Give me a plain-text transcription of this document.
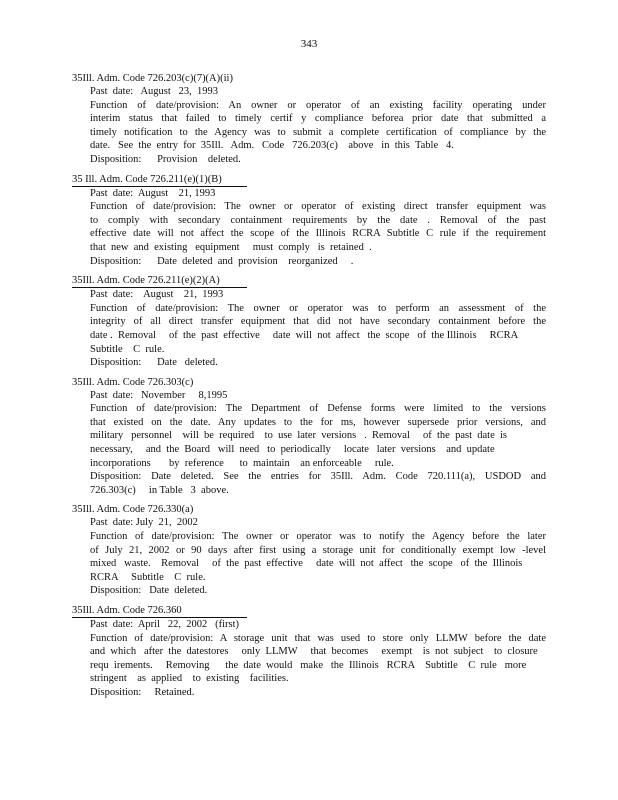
343
35Ill. Adm. Code 726.203(c)(7)(A)(ii)
Past  date:   August   23,  1993
Function of date/provision: An owner or operator of an existing facility operating under
interim status that failed to timely certif y compliance beforea prior date that submitted a
timely notification to the Agency was to submit a complete certification of compliance by the
date.   See  the  entry  for  35Ill.   Adm.   Code   726.203(c)    above   in  this  Table   4.
Disposition:      Provision    deleted.
35 Ill. Adm. Code 726.211(e)(1)(B)
Past  date:  August    21, 1993
Function of date/provision: The owner or operator of existing direct transfer equipment was
to comply with secondary containment requirements by the date . Removal of the past
effective date will not affect the scope of the Illinois RCRA Subtitle C rule if the requirement
that  new  and  existing   equipment     must  comply   is  retained  .
Disposition:      Date  deleted  and  provision    reorganized     .
35Ill. Adm. Code 726.211(e)(2)(A)
Past  date:    August    21,  1993
Function of date/provision: The owner or operator was to perform an assessment of the
integrity of all direct transfer equipment that did not have secondary containment before the
date .  Removal     of  the  past  effective     date  will  not  affect   the  scope   of  the Illinois     RCRA
Subtitle    C  rule.
Disposition:      Date   deleted.
35Ill. Adm. Code 726.303(c)
Past  date:   November     8,1995
Function of date/provision: The Department of Defense forms were limited to the versions
that existed on the date. Any updates to the for ms, however supersede prior versions, and
military   personnel    will  be  required    to  use  later  versions   .  Removal     of  the  past  date  is
necessary,     and  the  Board   will  need   to  periodically     locate   later  versions    and  update
incorporations       by  reference      to  maintain    an enforceable     rule.
Disposition: Date deleted. See the entries for 35Ill. Adm. Code 720.111(a), USDOD and
726.303(c)     in Table   3  above.
35Ill. Adm. Code 726.330(a)
Past  date: July  21,  2002
Function of date/provision: The owner or operator was to notify the Agency before the later
of July 21, 2002 or 90 days after first using a storage unit for conditionally exempt low -level
mixed   waste.    Removal     of  the  past  effective     date  will  not  affect   the  scope   of  the  Illinois
RCRA     Subtitle    C  rule.
Disposition:   Date  deleted.
35Ill. Adm. Code 726.360
Past  date:  April   22,  2002   (first)
Function of date/provision: A storage unit that was used to store only LLMW before the date
and  which   after  the  datestores     only  LLMW     that  becomes     exempt    is  not  subject    to  closure
requ  irements.     Removing      the  date  would   make   the  Illinois   RCRA    Subtitle    C  rule   more
stringent    as  applied    to  existing    facilities.
Disposition:     Retained.
